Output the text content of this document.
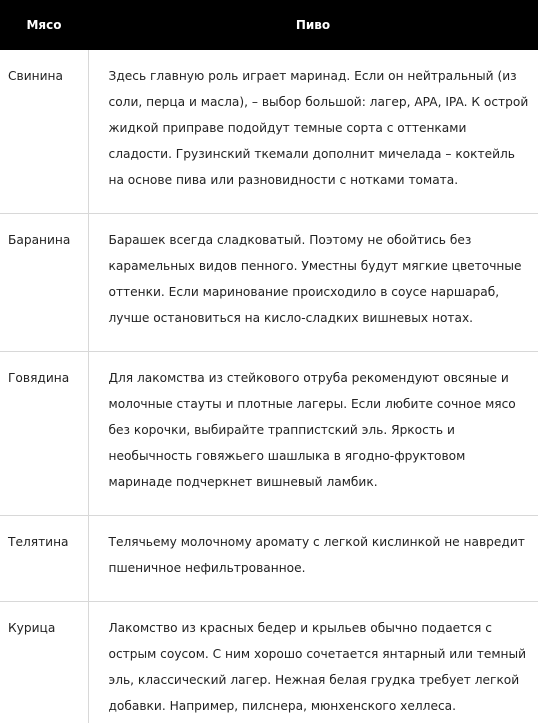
Мясо	Пиво
Свинина	Здесь главную роль играет маринад. Если он нейтральный (из соли, перца и масла), – выбор большой: лагер, APA, IPA. К острой жидкой приправе подойдут темные сорта с оттенками сладости. Грузинский ткемали дополнит мичелада – коктейль на основе пива или разновидности с нотками томата.
Баранина	Барашек всегда сладковатый. Поэтому не обойтись без карамельных видов пенного. Уместны будут мягкие цветочные оттенки. Если маринование происходило в соусе наршараб, лучше остановиться на кисло-сладких вишневых нотах.
Говядина	Для лакомства из стейкового отруба рекомендуют овсяные и молочные стауты и плотные лагеры. Если любите сочное мясо без корочки, выбирайте траппистский эль. Яркость и необычность говяжьего шашлыка в ягодно-фруктовом маринаде подчеркнет вишневый ламбик.
Телятина	Телячьему молочному аромату с легкой кислинкой не навредит пшеничное нефильтрованное.
Курица	Лакомство из красных бедер и крыльев обычно подается с острым соусом. С ним хорошо сочетается янтарный или темный эль, классический лагер. Нежная белая грудка требует легкой добавки. Например, пилснера, мюнхенского хеллеса.
